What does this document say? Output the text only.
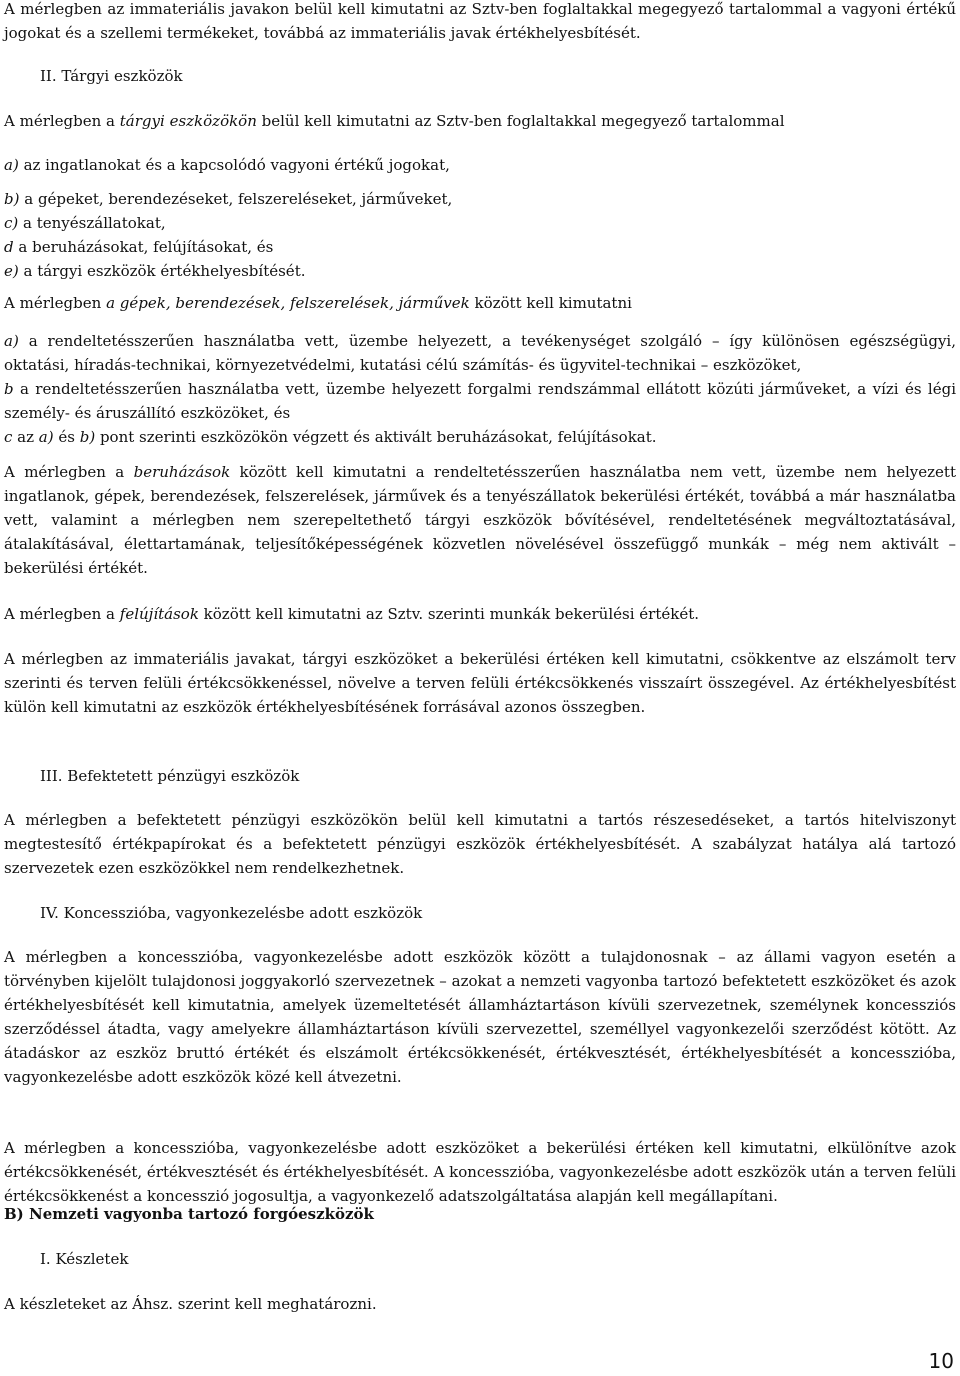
A mérlegben az immateriális javakon belül kell kimutatni az Sztv-ben foglaltakkal megegyező tartalommal a vagyoni értékű jogokat és a szellemi termékeket, továbbá az immateriális javak értékhelyesbítését.

II. Tárgyi eszközök

A mérlegben a tárgyi eszközökön belül kell kimutatni az Sztv-ben foglaltakkal megegyező tartalommal

a) az ingatlanokat és a kapcsolódó vagyoni értékű jogokat,

b) a gépeket, berendezéseket, felszereléseket, járműveket,

c) a tenyészállatokat,

d a beruházásokat, felújításokat, és

e) a tárgyi eszközök értékhelyesbítését.

A mérlegben a gépek, berendezések, felszerelések, járművek között kell kimutatni

a) a rendeltetésszerűen használatba vett, üzembe helyezett, a tevékenységet szolgáló – így különösen egészségügyi, oktatási, híradás-technikai, környezetvédelmi, kutatási célú számítás- és ügyvitel-technikai – eszközöket,

b a rendeltetésszerűen használatba vett, üzembe helyezett forgalmi rendszámmal ellátott közúti járműveket, a vízi és légi személy- és áruszállító eszközöket, és

c az a) és b) pont szerinti eszközökön végzett és aktivált beruházásokat, felújításokat.

A mérlegben a beruházások között kell kimutatni a rendeltetésszerűen használatba nem vett, üzembe nem helyezett ingatlanok, gépek, berendezések, felszerelések, járművek és a tenyészállatok bekerülési értékét, továbbá a már használatba vett, valamint a mérlegben nem szerepeltethető tárgyi eszközök bővítésével, rendeltetésének megváltoztatásával, átalakításával, élettartamának, teljesítőképességének közvetlen növelésével összefüggő munkák – még nem aktivált – bekerülési értékét.

A mérlegben a felújítások között kell kimutatni az Sztv. szerinti munkák bekerülési értékét.

A mérlegben az immateriális javakat, tárgyi eszközöket a bekerülési értéken kell kimutatni, csökkentve az elszámolt terv szerinti és terven felüli értékcsökkenéssel, növelve a terven felüli értékcsökkenés visszaírt összegével. Az értékhelyesbítést külön kell kimutatni az eszközök értékhelyesbítésének forrásával azonos összegben.

III. Befektetett pénzügyi eszközök

A mérlegben a befektetett pénzügyi eszközökön belül kell kimutatni a tartós részesedéseket, a tartós hitelviszonyt megtestesítő értékpapírokat és a befektetett pénzügyi eszközök értékhelyesbítését. A szabályzat hatálya alá tartozó szervezetek ezen eszközökkel nem rendelkezhetnek.

IV. Koncesszióba, vagyonkezelésbe adott eszközök

A mérlegben a koncesszióba, vagyonkezelésbe adott eszközök között a tulajdonosnak – az állami vagyon esetén a törvényben kijelölt tulajdonosi joggyakorló szervezetnek – azokat a nemzeti vagyonba tartozó befektetett eszközöket és azok értékhelyesbítését kell kimutatnia, amelyek üzemeltetését államháztartáson kívüli szervezetnek, személynek koncessziós szerződéssel átadta, vagy amelyekre államháztartáson kívüli szervezettel, személlyel vagyonkezelői szerződést kötött. Az átadáskor az eszköz bruttó értékét és elszámolt értékcsökkenését, értékvesztését, értékhelyesbítését a koncesszióba, vagyonkezelésbe adott eszközök közé kell átvezetni.

A mérlegben a koncesszióba, vagyonkezelésbe adott eszközöket a bekerülési értéken kell kimutatni, elkülönítve azok értékcsökkenését, értékvesztését és értékhelyesbítését. A koncesszióba, vagyonkezelésbe adott eszközök után a terven felüli értékcsökkenést a koncesszió jogosultja, a vagyonkezelő adatszolgáltatása alapján kell megállapítani.

B) Nemzeti vagyonba tartozó forgóeszközök

I. Készletek

A készleteket az Áhsz. szerint kell meghatározni.

10
